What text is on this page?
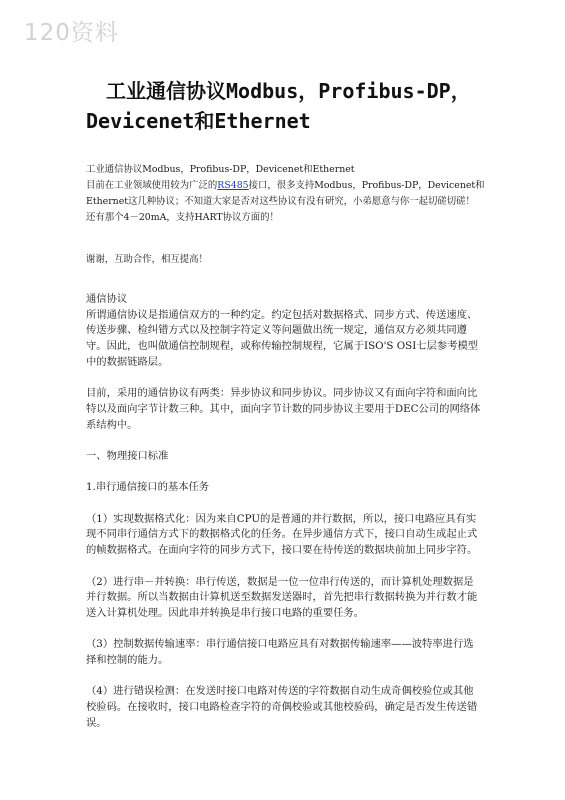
120资料
工业通信协议Modbus，Profibus-DP，Devicenet和Ethernet

工业通信协议Modbus，Profibus-DP，Devicenet和Ethernet

目前在工业领域使用较为广泛的RS485接口，很多支持Modbus，Profibus-DP，Devicenet和 Ethernet这几种协议；不知道大家是否对这些协议有没有研究，小弟愿意与你一起切磋切磋！

还有那个4－20mA，支持HART协议方面的！

谢谢，互助合作，相互提高！

通信协议

所谓通信协议是指通信双方的一种约定。约定包括对数据格式、同步方式、传送速度、传送步骤、检纠错方式以及控制字符定义等问题做出统一规定，通信双方必须共同遵守。因此，也叫做通信控制规程，或称传输控制规程，它属于ISO'S OSI七层参考模型中的数据链路层。

目前，采用的通信协议有两类：异步协议和同步协议。同步协议又有面向字符和面向比特以及面向字节计数三种。其中，面向字节计数的同步协议主要用于DEC公司的网络体系结构中。

一、物理接口标准

1.串行通信接口的基本任务

（1）实现数据格式化：因为来自CPU的是普通的并行数据，所以，接口电路应具有实现不同串行通信方式下的数据格式化的任务。在异步通信方式下，接口自动生成起止式的帧数据格式。在面向字符的同步方式下，接口要在待传送的数据块前加上同步字符。

（2）进行串－并转换：串行传送，数据是一位一位串行传送的，而计算机处理数据是并行数据。所以当数据由计算机送至数据发送器时，首先把串行数据转换为并行数才能送入计算机处理。因此串并转换是串行接口电路的重要任务。

（3）控制数据传输速率：串行通信接口电路应具有对数据传输速率——波特率进行选择和控制的能力。

（4）进行错误检测：在发送时接口电路对传送的字符数据自动生成奇偶校验位或其他校验码。在接收时，接口电路检查字符的奇偶校验或其他校验码，确定是否发生传送错误。
